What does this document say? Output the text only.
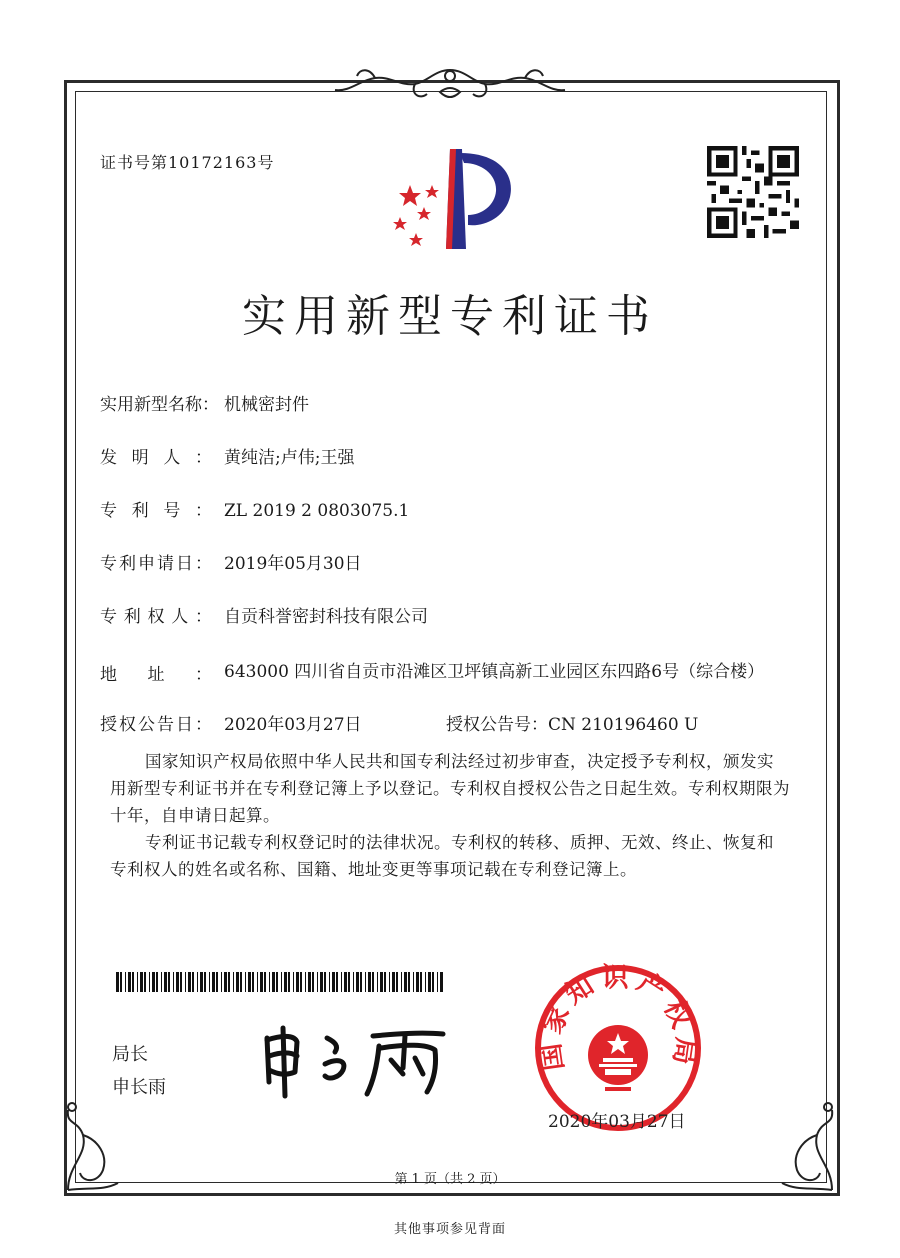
证书号第10172163号
实用新型专利证书
实用新型名称： 机械密封件
发明人： 黄纯洁;卢伟;王强
专利号： ZL 2019 2 0803075.1
专利申请日： 2019年05月30日
专利权人： 自贡科誉密封科技有限公司
地址： 643000 四川省自贡市沿滩区卫坪镇高新工业园区东四路6号（综合楼）
授权公告日： 2020年03月27日	授权公告号：CN 210196460 U
国家知识产权局依照中华人民共和国专利法经过初步审查，决定授予专利权，颁发实用新型专利证书并在专利登记簿上予以登记。专利权自授权公告之日起生效。专利权期限为十年，自申请日起算。
专利证书记载专利权登记时的法律状况。专利权的转移、质押、无效、终止、恢复和专利权人的姓名或名称、国籍、地址变更等事项记载在专利登记簿上。
局长
申长雨
国家知识产权局
2020年03月27日
第 1 页（共 2 页）
其他事项参见背面
